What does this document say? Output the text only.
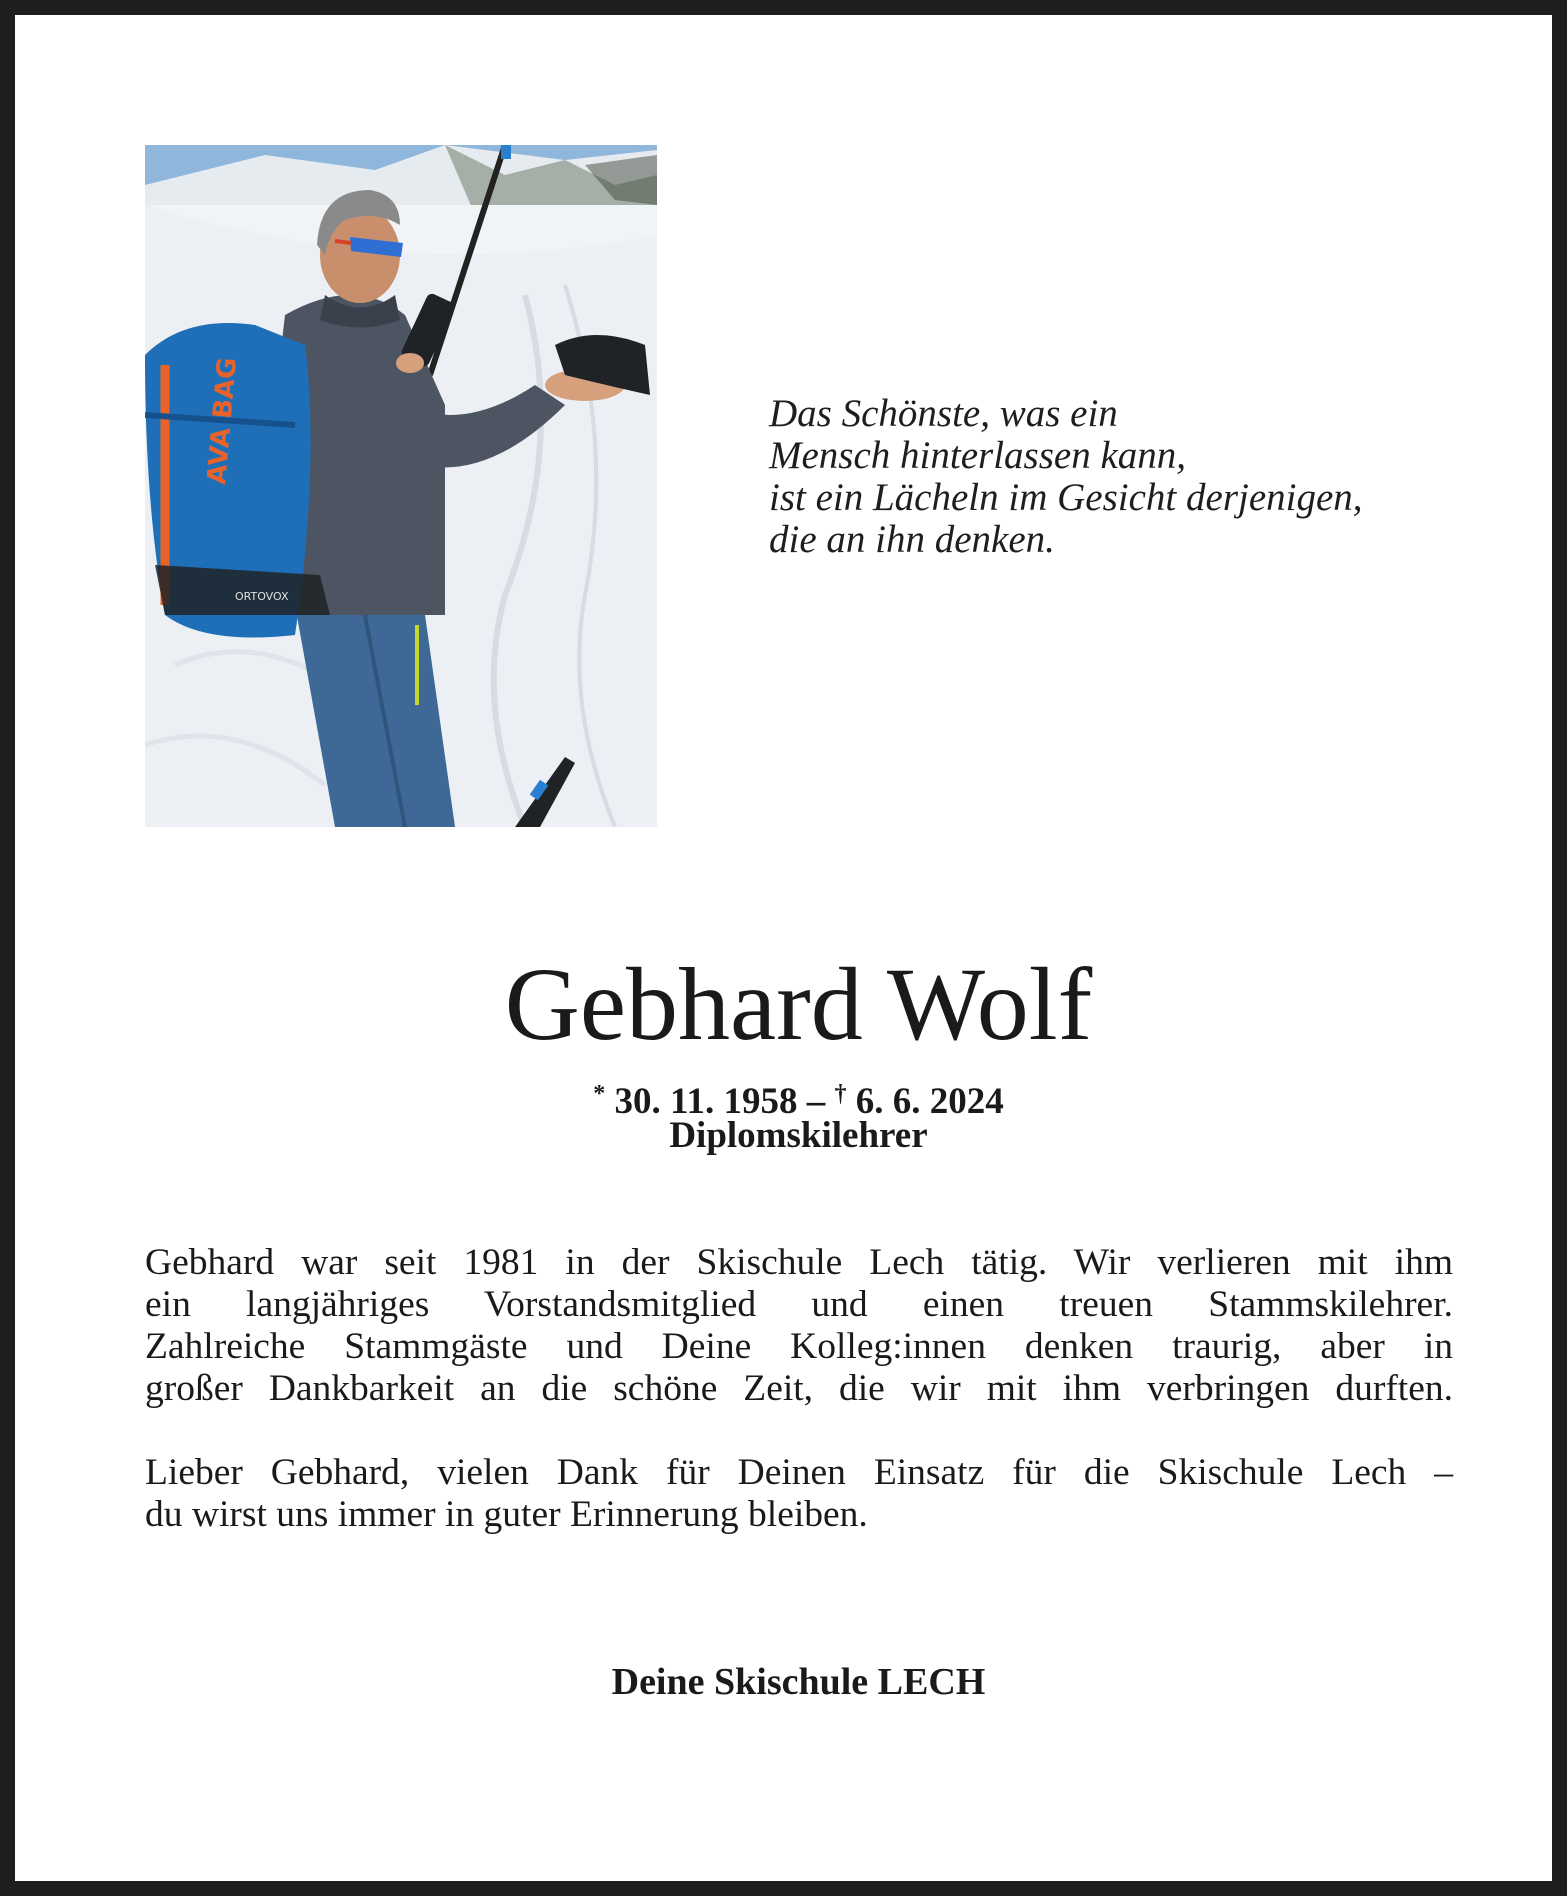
AVA BAG
ORTOVOX
Das Schönste, was ein
Mensch hinterlassen kann,
ist ein Lächeln im Gesicht derjenigen,
die an ihn denken.
Gebhard Wolf
* 30. 11. 1958 – † 6. 6. 2024
Diplomskilehrer
Gebhard war seit 1981 in der Skischule Lech tätig. Wir verlieren mit ihm
ein langjähriges Vorstandsmitglied und einen treuen Stammskilehrer.
Zahlreiche Stammgäste und Deine Kolleg:innen denken traurig, aber in
großer Dankbarkeit an die schöne Zeit, die wir mit ihm verbringen durften.
Lieber Gebhard, vielen Dank für Deinen Einsatz für die Skischule Lech –
du wirst uns immer in guter Erinnerung bleiben.
Deine Skischule LECH
